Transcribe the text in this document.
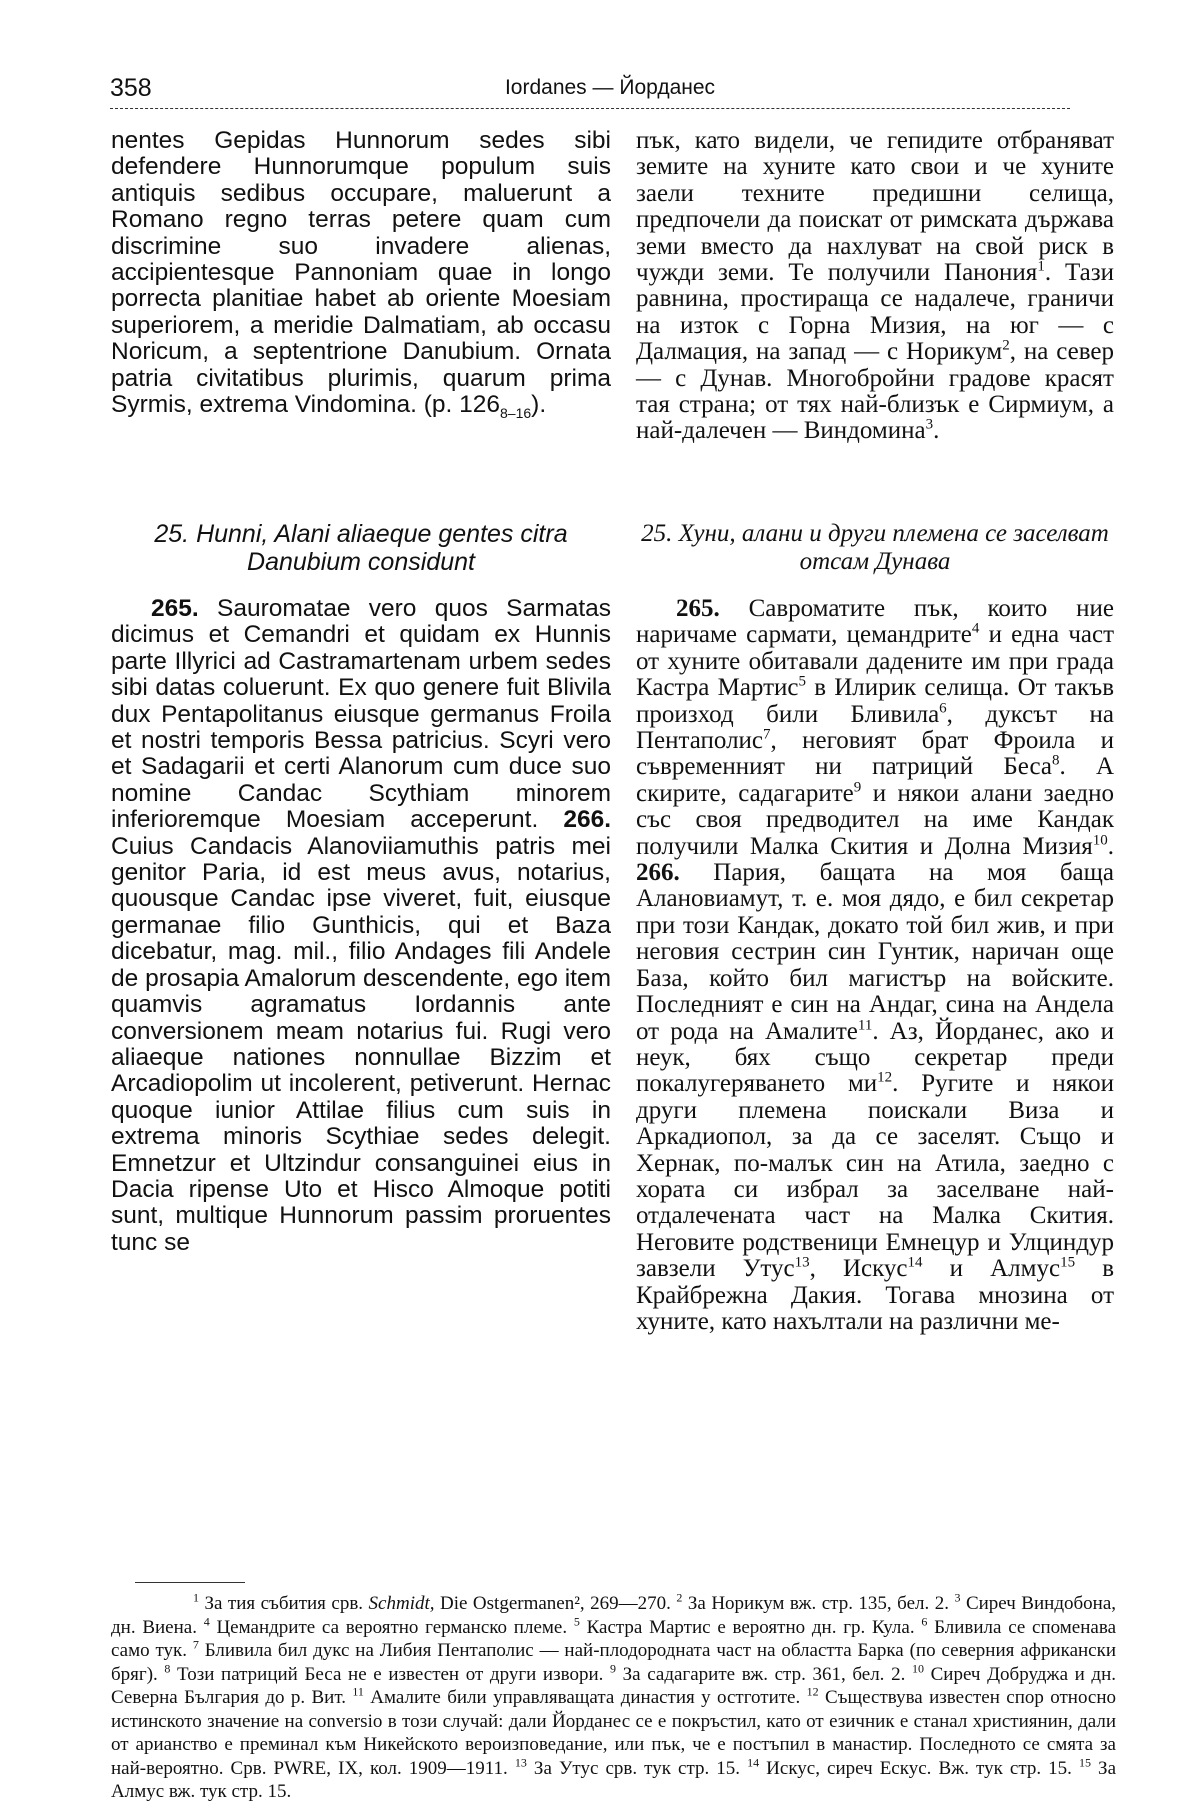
358	Iordanes — Йорданес

nentes Gepidas Hunnorum sedes sibi defendere Hunnorumque populum suis antiquis sedibus occupare, maluerunt a Romano regno terras petere quam cum discrimine suo invadere alienas, accipientesque Pannoniam quae in longo porrecta planitiae habet ab oriente Moesiam superiorem, a meridie Dalmatiam, ab occasu Noricum, a septentrione Danubium. Ornata patria civitatibus plurimis, quarum prima Syrmis, extrema Vindomina. (p. $126_{8-16}$).

пък, като видели, че гепидите отбраняват земите на хуните като свои и че хуните заели техните предишни селища, предпочели да поискат от римската държава земи вместо да нахлуват на свой риск в чужди земи. Те получили Панония$^1$. Тази равнина, простираща се надалече, граничи на изток с Горна Мизия, на юг — с Далмация, на запад — с Норикум$^2$, на север — с Дунав. Многобройни градове красят тая страна; от тях най-близък е Сирмиум, а най-далечен — Виндомина$^3$.

25. Hunni, Alani aliaeque gentes citra Danubium considunt
25. Хуни, алани и други племена се заселват отсам Дунава

265. Sauromatae vero quos Sarmatas dicimus et Cemandri et quidam ex Hunnis parte Illyrici ad Castramartenam urbem sedes sibi datas coluerunt. Ex quo genere fuit Blivila dux Pentapolitanus eiusque germanus Froila et nostri temporis Bessa patricius. Scyri vero et Sadagarii et certi Alanorum cum duce suo nomine Candac Scythiam minorem inferioremque Moesiam acceperunt. 266. Cuius Candacis Alanoviiamuthis patris mei genitor Paria, id est meus avus, notarius, quousque Candac ipse viveret, fuit, eiusque germanae filio Gunthicis, qui et Baza dicebatur, mag. mil., filio Andages fili Andele de prosapia Amalorum descendente, ego item quamvis agramatus Iordannis ante conversionem meam notarius fui. Rugi vero aliaeque nationes nonnullae Bizzim et Arcadiopolim ut incolerent, petiverunt. Hernac quoque iunior Attilae filius cum suis in extrema minoris Scythiae sedes delegit. Emnetzur et Ultzindur consanguinei eius in Dacia ripense Uto et Hisco Almoque potiti sunt, multique Hunnorum passim proruentes tunc se

265. Савроматите пък, които ние наричаме сармати, цемандрите$^4$ и една част от хуните обитавали дадените им при града Кастра Мартис$^5$ в Илирик селища. От такъв произход били Бливила$^6$, дуксът на Пентаполис$^7$, неговият брат Фроила и съвременният ни патриций Беса$^8$. А скирите, садагарите$^9$ и някои алани заедно със своя предводител на име Кандак получили Малка Скития и Долна Мизия$^{10}$. 266. Пария, бащата на моя баща Алановиамут, т. е. моя дядо, е бил секретар при този Кандак, докато той бил жив, и при неговия сестрин син Гунтик, наричан още База, който бил магистър на войските. Последният е син на Андаг, сина на Андела от рода на Амалите$^{11}$. Аз, Йорданес, ако и неук, бях също секретар преди покалугеряването $ми^{12}$. Ругите и някои други племена поискали Виза и Аркадиопол, за да се заселят. Също и Хернак, по-малък син на Атила, заедно с хората си избрал за заселване най-отдалечената част на Малка Скития. Неговите родственици Емнецур и Улциндур завзели Утус$^{13}$, Искус$^{14}$ и Алмус$^{15}$ в Крайбрежна Дакия. Тогава мнозина от хуните, като нахълтали на различни ме-

$^1$ За тия събития срв. Schmidt, Die Ostgermanen², 269—270. $^2$ За Норикум вж. стр. 135, бел. 2. $^3$ Сиреч Виндобона, дн. Виена. $^4$ Цемандрите са вероятно германско племе. $^5$ Кастра Мартис е вероятно дн. гр. Кула. $^6$ Бливила се споменава само тук. $^7$ Бливила бил дукс на Либия Пентаполис — най-плодородната част на областта Барка (по северния африкански бряг). $^8$ Този патриций Беса не е известен от други извори. $^9$ За садагарите вж. стр. 361, бел. 2. $^{10}$ Сиреч Добруджа и дн. Северна България до р. Вит. $^{11}$ Амалите били управляващата династия у остготите. $^{12}$ Съществува известен спор относно истинското значение на conversio в този случай: дали Йорданес се е покръстил, като от езичник е станал християнин, дали от арианство е преминал към Никейското вероизповедание, или пък, че е постъпил в манастир. Последното се смята за най-вероятно. Срв. PWRE, IX, кол. 1909—1911. $^{13}$ За Утус срв. тук стр. 15. $^{14}$ Искус, сиреч Ескус. Вж. тук стр. 15. $^{15}$ За Алмус вж. тук стр. 15.
